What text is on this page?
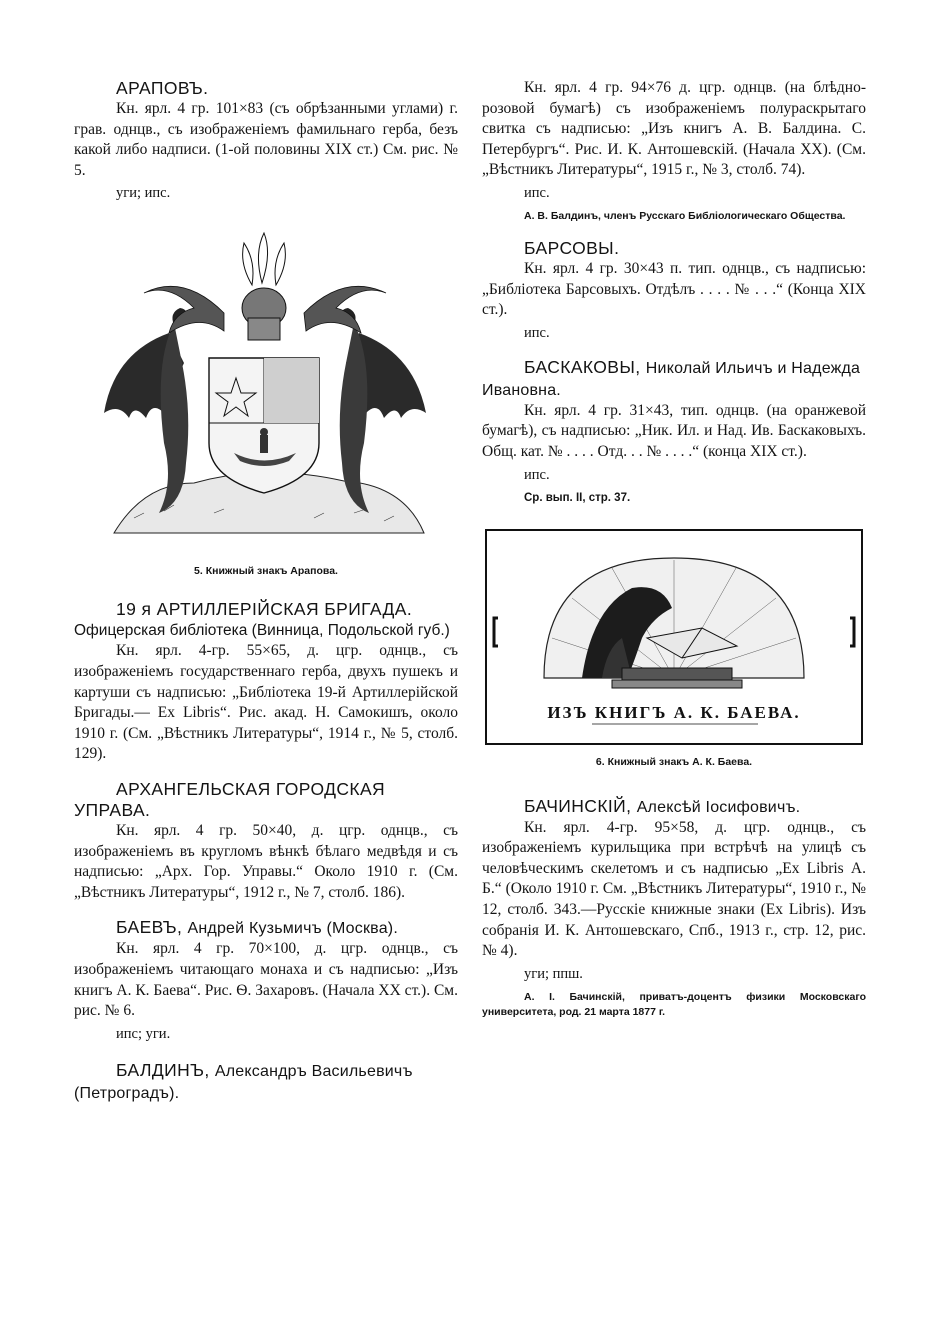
АРАПОВЪ.

Кн. ярл. 4 гр. 101×83 (съ обрѣзанными углами) г. грав. однцв., съ изображеніемъ фамильнаго герба, безъ какой либо надписи. (1-ой половины XIX ст.) См. рис. № 5.

уги; ипс.

5. Книжный знакъ Арапова.

19 я АРТИЛЛЕРІЙСКАЯ БРИГАДА.

Офицерская библіотека (Винница, Подольской губ.)

Кн. ярл. 4-гр. 55×65, д. цгр. однцв., съ изображеніемъ государственнаго герба, двухъ пушекъ и картуши съ надписью: „Библіотека 19-й Артиллерійской Бригады.— Ex Libris“. Рис. акад. Н. Самокишъ, около 1910 г. (См. „Вѣстникъ Литературы“, 1914 г., № 5, столб. 129).

АРХАНГЕЛЬСКАЯ ГОРОДСКАЯ УПРАВА.

Кн. ярл. 4 гр. 50×40, д. цгр. однцв., съ изображеніемъ въ кругломъ вѣнкѣ бѣлаго медвѣдя и съ надписью: „Арх. Гор. Управы.“ Около 1910 г. (См. „Вѣстникъ Литературы“, 1912 г., № 7, столб. 186).

БАЕВЪ, Андрей Кузьмичъ (Москва).

Кн. ярл. 4 гр. 70×100, д. цгр. однцв., съ изображеніемъ читающаго монаха и съ надписью: „Изъ книгъ А. К. Баева“. Рис. Ѳ. Захаровъ. (Начала XX ст.). См. рис. № 6.

ипс; уги.

БАЛДИНЪ, Александръ Васильевичъ (Петроградъ).

Кн. ярл. 4 гр. 94×76 д. цгр. однцв. (на блѣдно-розовой бумагѣ) съ изображеніемъ полураскрытаго свитка съ надписью: „Изъ книгъ А. В. Балдина. С. Петербургъ“. Рис. И. К. Антошевскій. (Начала XX). (См. „Вѣстникъ Литературы“, 1915 г., № 3, столб. 74).

ипс.

А. В. Балдинъ, членъ Русскаго Библіологическаго Общества.

БАРСОВЫ.

Кн. ярл. 4 гр. 30×43 п. тип. однцв., съ надписью: „Библіотека Барсовыхъ. Отдѣлъ . . . . № . . .“ (Конца XIX ст.).

ипс.

БАСКАКОВЫ, Николай Ильичъ и Надежда Ивановна.

Кн. ярл. 4 гр. 31×43, тип. однцв. (на оранжевой бумагѣ), съ надписью: „Ник. Ил. и Над. Ив. Баскаковыхъ. Общ. кат. № . . . . Отд. . . № . . . .“ (конца XIX ст.).

ипс.

Ср. вып. II, стр. 37.

ИЗЪ КНИГЪ А. К. БАЕВА.

6. Книжный знакъ А. К. Баева.

БАЧИНСКІЙ, Алексѣй Іосифовичъ.

Кн. ярл. 4-гр. 95×58, д. цгр. однцв., съ изображеніемъ курильщика при встрѣчѣ на улицѣ съ человѣческимъ скелетомъ и съ надписью „Ex Libris А. Б.“ (Около 1910 г. См. „Вѣстникъ Литературы“, 1910 г., № 12, столб. 343.—Русскіе книжные знаки (Ex Libris). Изъ собранія И. К. Антошевскаго, Спб., 1913 г., стр. 12, рис. № 4).

уги; ппш.

А. І. Бачинскій, приватъ-доцентъ физики Московскаго университета, род. 21 марта 1877 г.
